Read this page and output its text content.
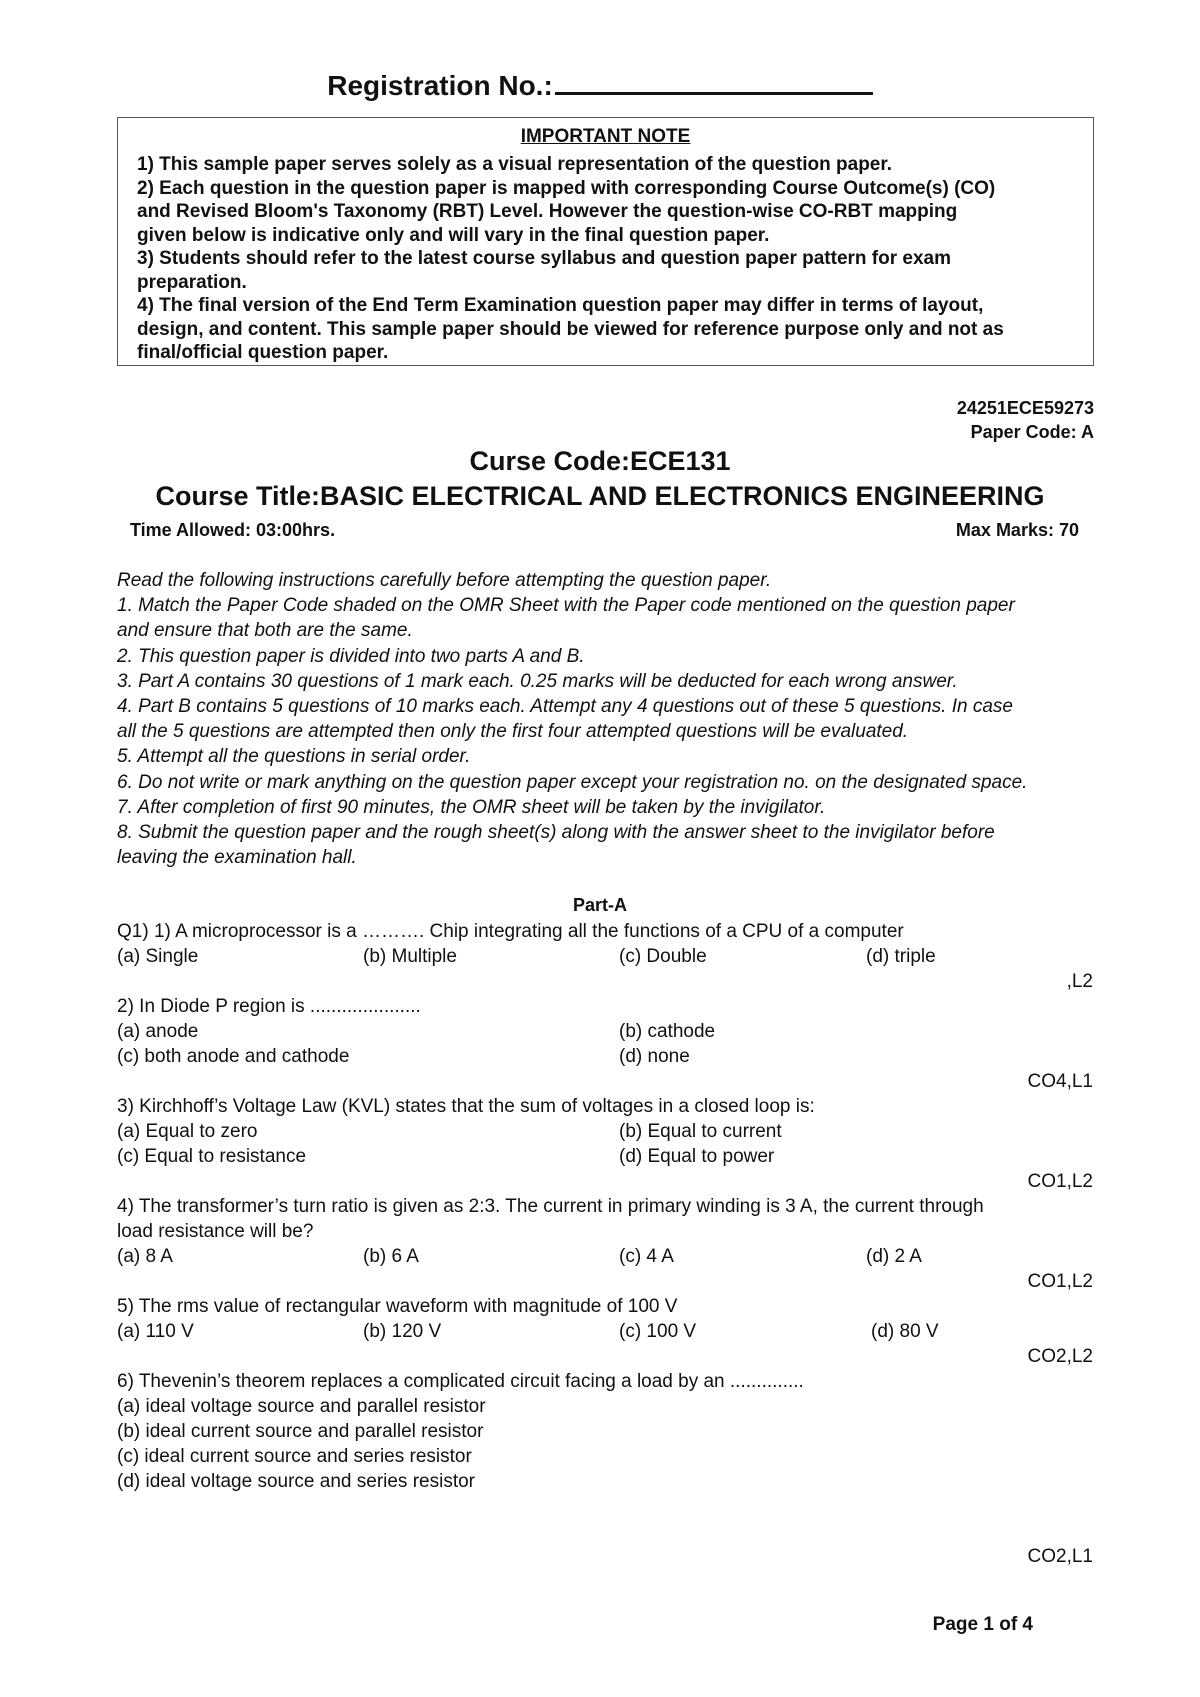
Registration No.:
IMPORTANT NOTE
1) This sample paper serves solely as a visual representation of the question paper.
2) Each question in the question paper is mapped with corresponding Course Outcome(s) (CO)
and Revised Bloom's Taxonomy (RBT) Level. However the question-wise CO-RBT mapping
given below is indicative only and will vary in the final question paper.
3) Students should refer to the latest course syllabus and question paper pattern for exam
preparation.
4) The final version of the End Term Examination question paper may differ in terms of layout,
design, and content. This sample paper should be viewed for reference purpose only and not as
final/official question paper.
24251ECE59273
Paper Code: A
Curse Code:ECE131
Course Title:BASIC ELECTRICAL AND ELECTRONICS ENGINEERING
Time Allowed: 03:00hrs.	Max Marks: 70
Read the following instructions carefully before attempting the question paper.
1. Match the Paper Code shaded on the OMR Sheet with the Paper code mentioned on the question paper
and ensure that both are the same.
2. This question paper is divided into two parts A and B.
3. Part A contains 30 questions of 1 mark each. 0.25 marks will be deducted for each wrong answer.
4. Part B contains 5 questions of 10 marks each. Attempt any 4 questions out of these 5 questions. In case
all the 5 questions are attempted then only the first four attempted questions will be evaluated.
5. Attempt all the questions in serial order.
6. Do not write or mark anything on the question paper except your registration no. on the designated space.
7. After completion of first 90 minutes, the OMR sheet will be taken by the invigilator.
8. Submit the question paper and the rough sheet(s) along with the answer sheet to the invigilator before
leaving the examination hall.
Part-A
Q1) 1) A microprocessor is a ………. Chip integrating all the functions of a CPU of a computer
(a) Single	(b) Multiple	(c) Double	(d) triple
,L2
2) In Diode P region is .....................
(a) anode	(b) cathode
(c) both anode and cathode	(d) none
CO4,L1
3) Kirchhoff’s Voltage Law (KVL) states that the sum of voltages in a closed loop is:
(a) Equal to zero	(b) Equal to current
(c) Equal to resistance	(d) Equal to power
CO1,L2
4) The transformer’s turn ratio is given as 2:3. The current in primary winding is 3 A, the current through
load resistance will be?
(a) 8 A	(b) 6 A	(c) 4 A	(d) 2 A
CO1,L2
5) The rms value of rectangular waveform with magnitude of 100 V
(a) 110 V	(b) 120 V	(c) 100 V	(d) 80 V
CO2,L2
6) Thevenin’s theorem replaces a complicated circuit facing a load by an ..............
(a) ideal voltage source and parallel resistor
(b) ideal current source and parallel resistor
(c) ideal current source and series resistor
(d) ideal voltage source and series resistor
CO2,L1
Page 1 of 4
